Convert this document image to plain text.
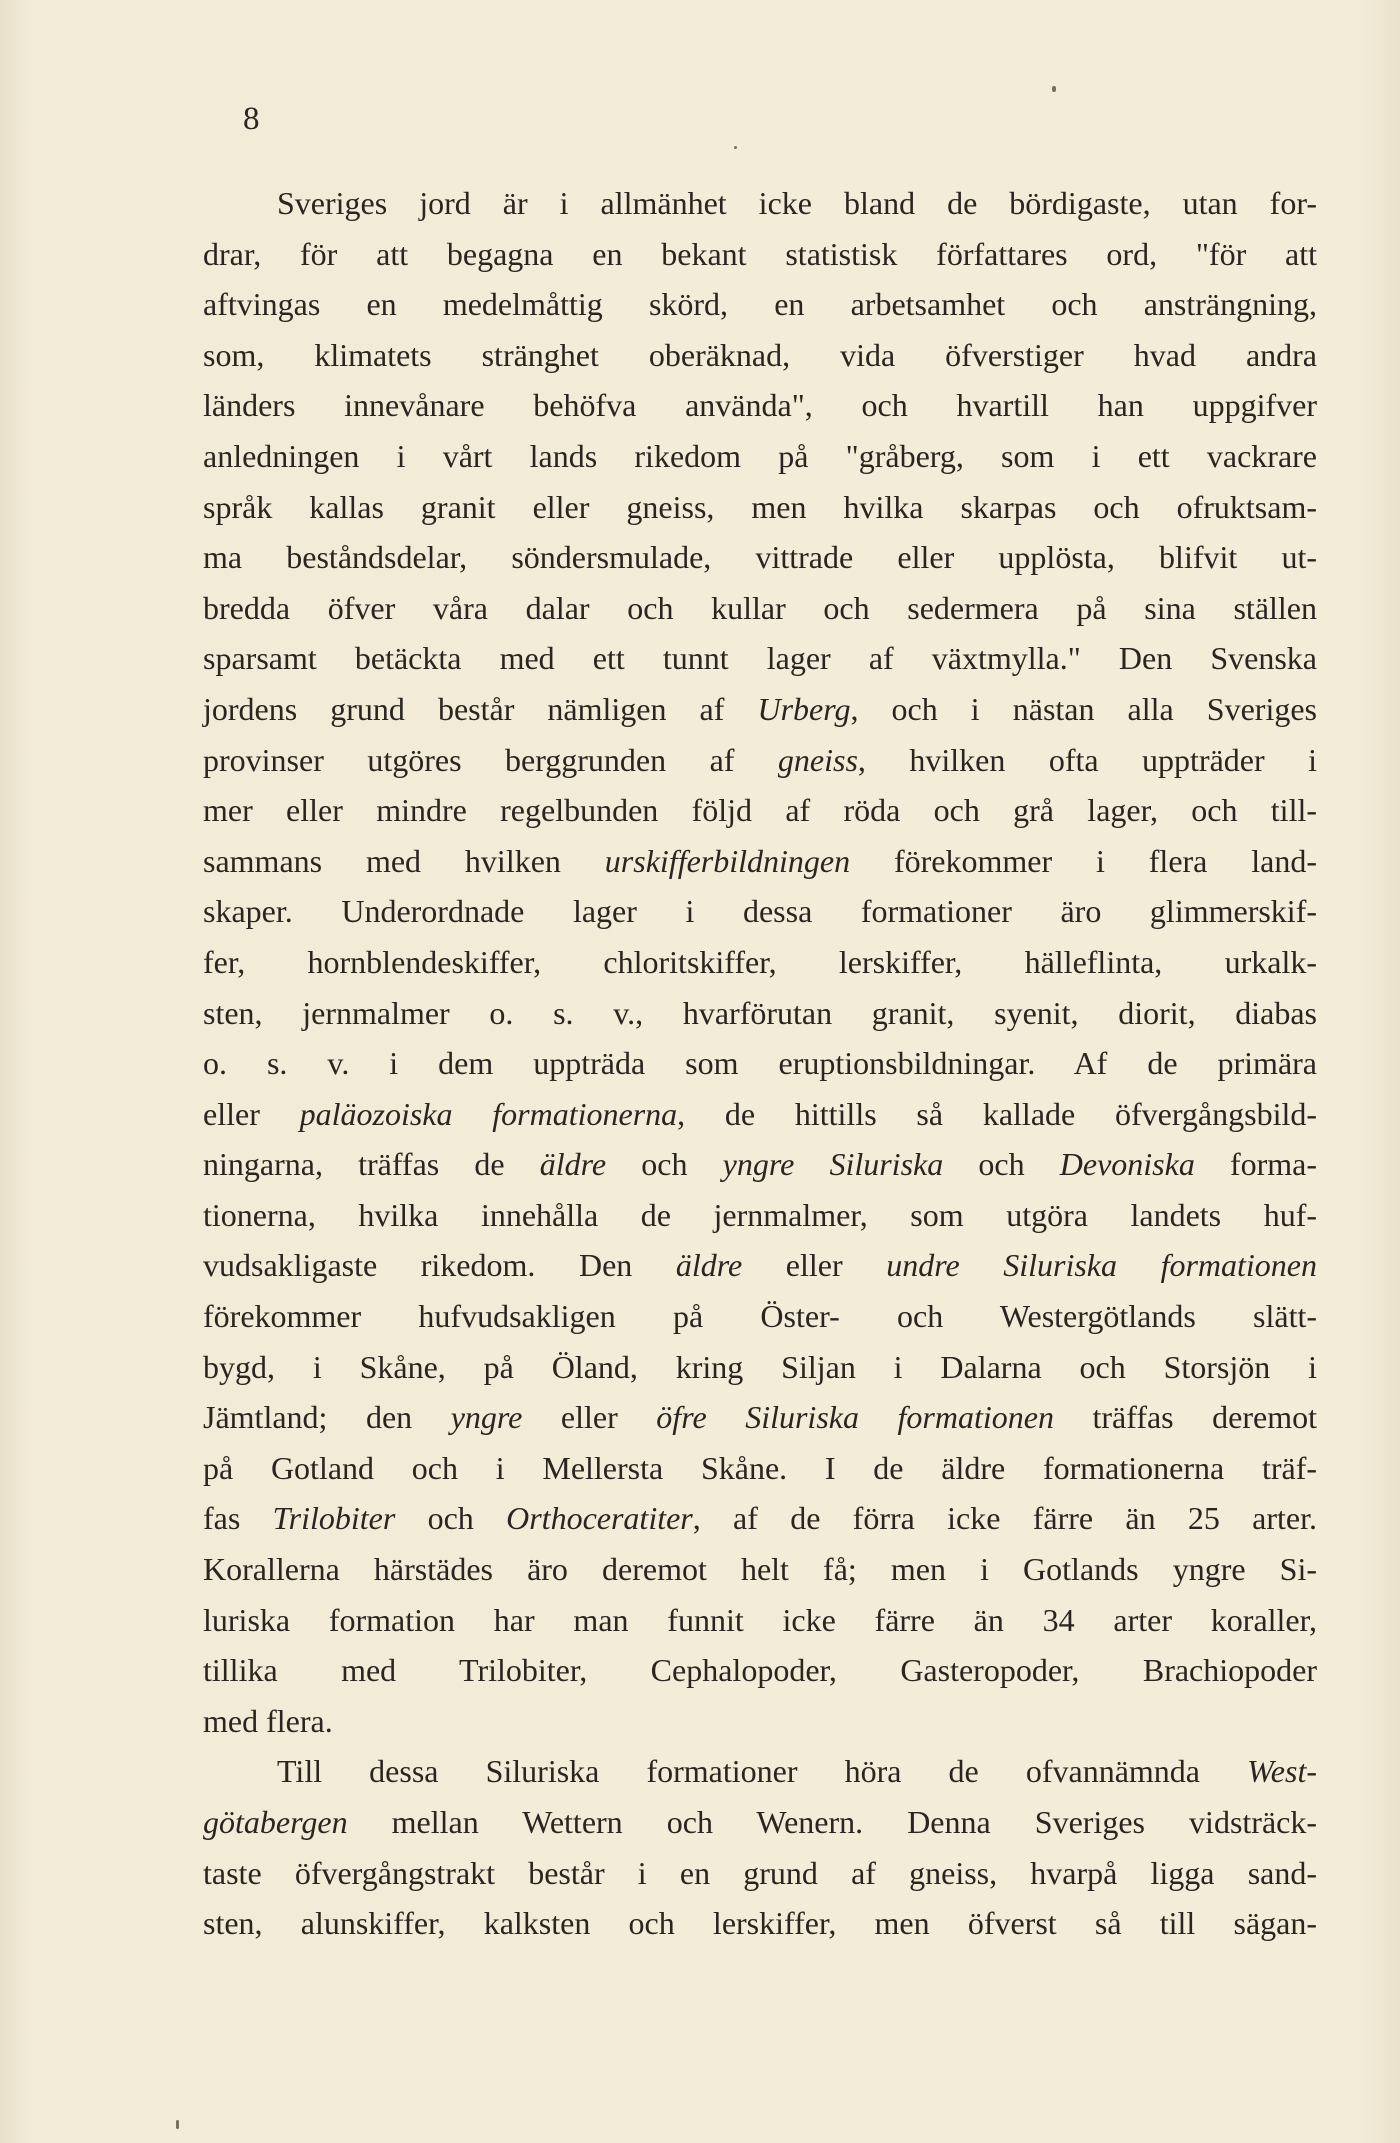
8
Sveriges jord är i allmänhet icke bland de bördigaste, utan for-
drar, för att begagna en bekant statistisk författares ord, "för att
aftvingas en medelmåttig skörd, en arbetsamhet och ansträngning,
som, klimatets stränghet oberäknad, vida öfverstiger hvad andra
länders innevånare behöfva använda", och hvartill han uppgifver
anledningen i vårt lands rikedom på "gråberg, som i ett vackrare
språk kallas granit eller gneiss, men hvilka skarpas och ofruktsam-
ma beståndsdelar, söndersmulade, vittrade eller upplösta, blifvit ut-
bredda öfver våra dalar och kullar och sedermera på sina ställen
sparsamt betäckta med ett tunnt lager af växtmylla." Den Svenska
jordens grund består nämligen af Urberg, och i nästan alla Sveriges
provinser utgöres berggrunden af gneiss, hvilken ofta uppträder i
mer eller mindre regelbunden följd af röda och grå lager, och till-
sammans med hvilken urskifferbildningen förekommer i flera land-
skaper. Underordnade lager i dessa formationer äro glimmerskif-
fer, hornblendeskiffer, chloritskiffer, lerskiffer, hälleflinta, urkalk-
sten, jernmalmer o. s. v., hvarförutan granit, syenit, diorit, diabas
o. s. v. i dem uppträda som eruptionsbildningar. Af de primära
eller paläozoiska formationerna, de hittills så kallade öfvergångsbild-
ningarna, träffas de äldre och yngre Siluriska och Devoniska forma-
tionerna, hvilka innehålla de jernmalmer, som utgöra landets huf-
vudsakligaste rikedom. Den äldre eller undre Siluriska formationen
förekommer hufvudsakligen på Öster- och Westergötlands slätt-
bygd, i Skåne, på Öland, kring Siljan i Dalarna och Storsjön i
Jämtland; den yngre eller öfre Siluriska formationen träffas deremot
på Gotland och i Mellersta Skåne. I de äldre formationerna träf-
fas Trilobiter och Orthoceratiter, af de förra icke färre än 25 arter.
Korallerna härstädes äro deremot helt få; men i Gotlands yngre Si-
luriska formation har man funnit icke färre än 34 arter koraller,
tillika med Trilobiter, Cephalopoder, Gasteropoder, Brachiopoder
med flera.
Till dessa Siluriska formationer höra de ofvannämnda West-
götabergen mellan Wettern och Wenern. Denna Sveriges vidsträck-
taste öfvergångstrakt består i en grund af gneiss, hvarpå ligga sand-
sten, alunskiffer, kalksten och lerskiffer, men öfverst så till sägan-
